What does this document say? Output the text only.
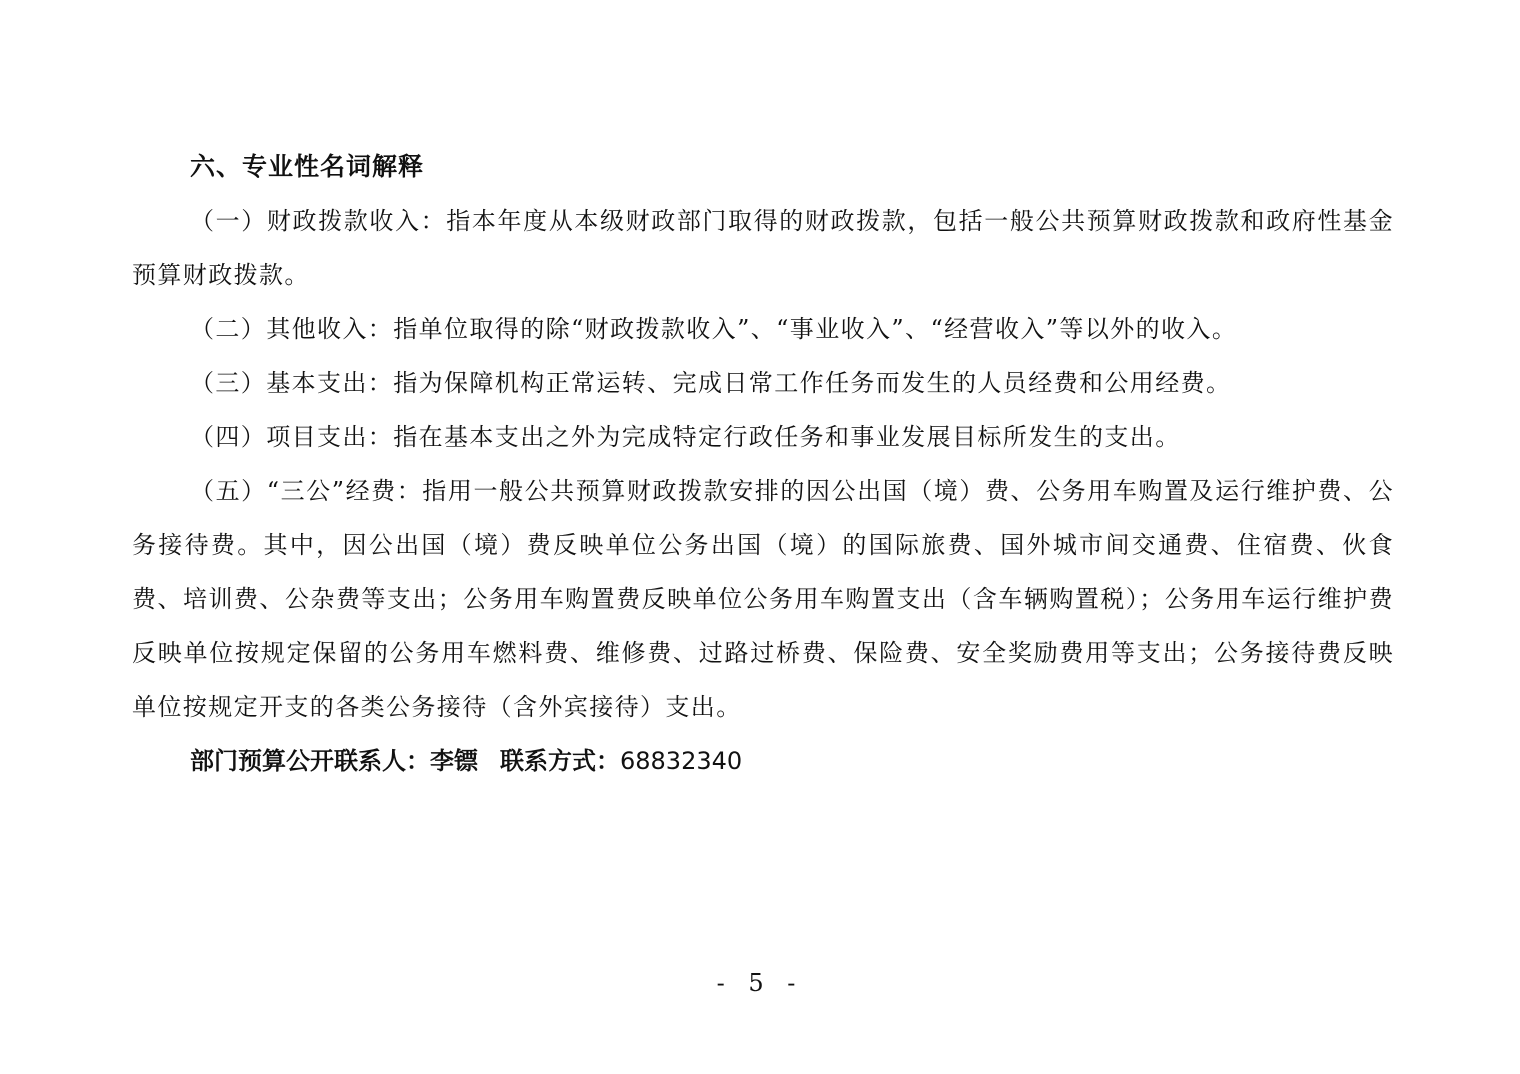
六、专业性名词解释

（一）财政拨款收入：指本年度从本级财政部门取得的财政拨款，包括一般公共预算财政拨款和政府性基金预算财政拨款。

（二）其他收入：指单位取得的除“财政拨款收入”、“事业收入”、“经营收入”等以外的收入。

（三）基本支出：指为保障机构正常运转、完成日常工作任务而发生的人员经费和公用经费。

（四）项目支出：指在基本支出之外为完成特定行政任务和事业发展目标所发生的支出。

（五）“三公”经费：指用一般公共预算财政拨款安排的因公出国（境）费、公务用车购置及运行维护费、公务接待费。其中，因公出国（境）费反映单位公务出国（境）的国际旅费、国外城市间交通费、住宿费、伙食费、培训费、公杂费等支出；公务用车购置费反映单位公务用车购置支出（含车辆购置税）；公务用车运行维护费反映单位按规定保留的公务用车燃料费、维修费、过路过桥费、保险费、安全奖励费用等支出；公务接待费反映单位按规定开支的各类公务接待（含外宾接待）支出。

部门预算公开联系人：李镖 联系方式：68832340
- 5 -
